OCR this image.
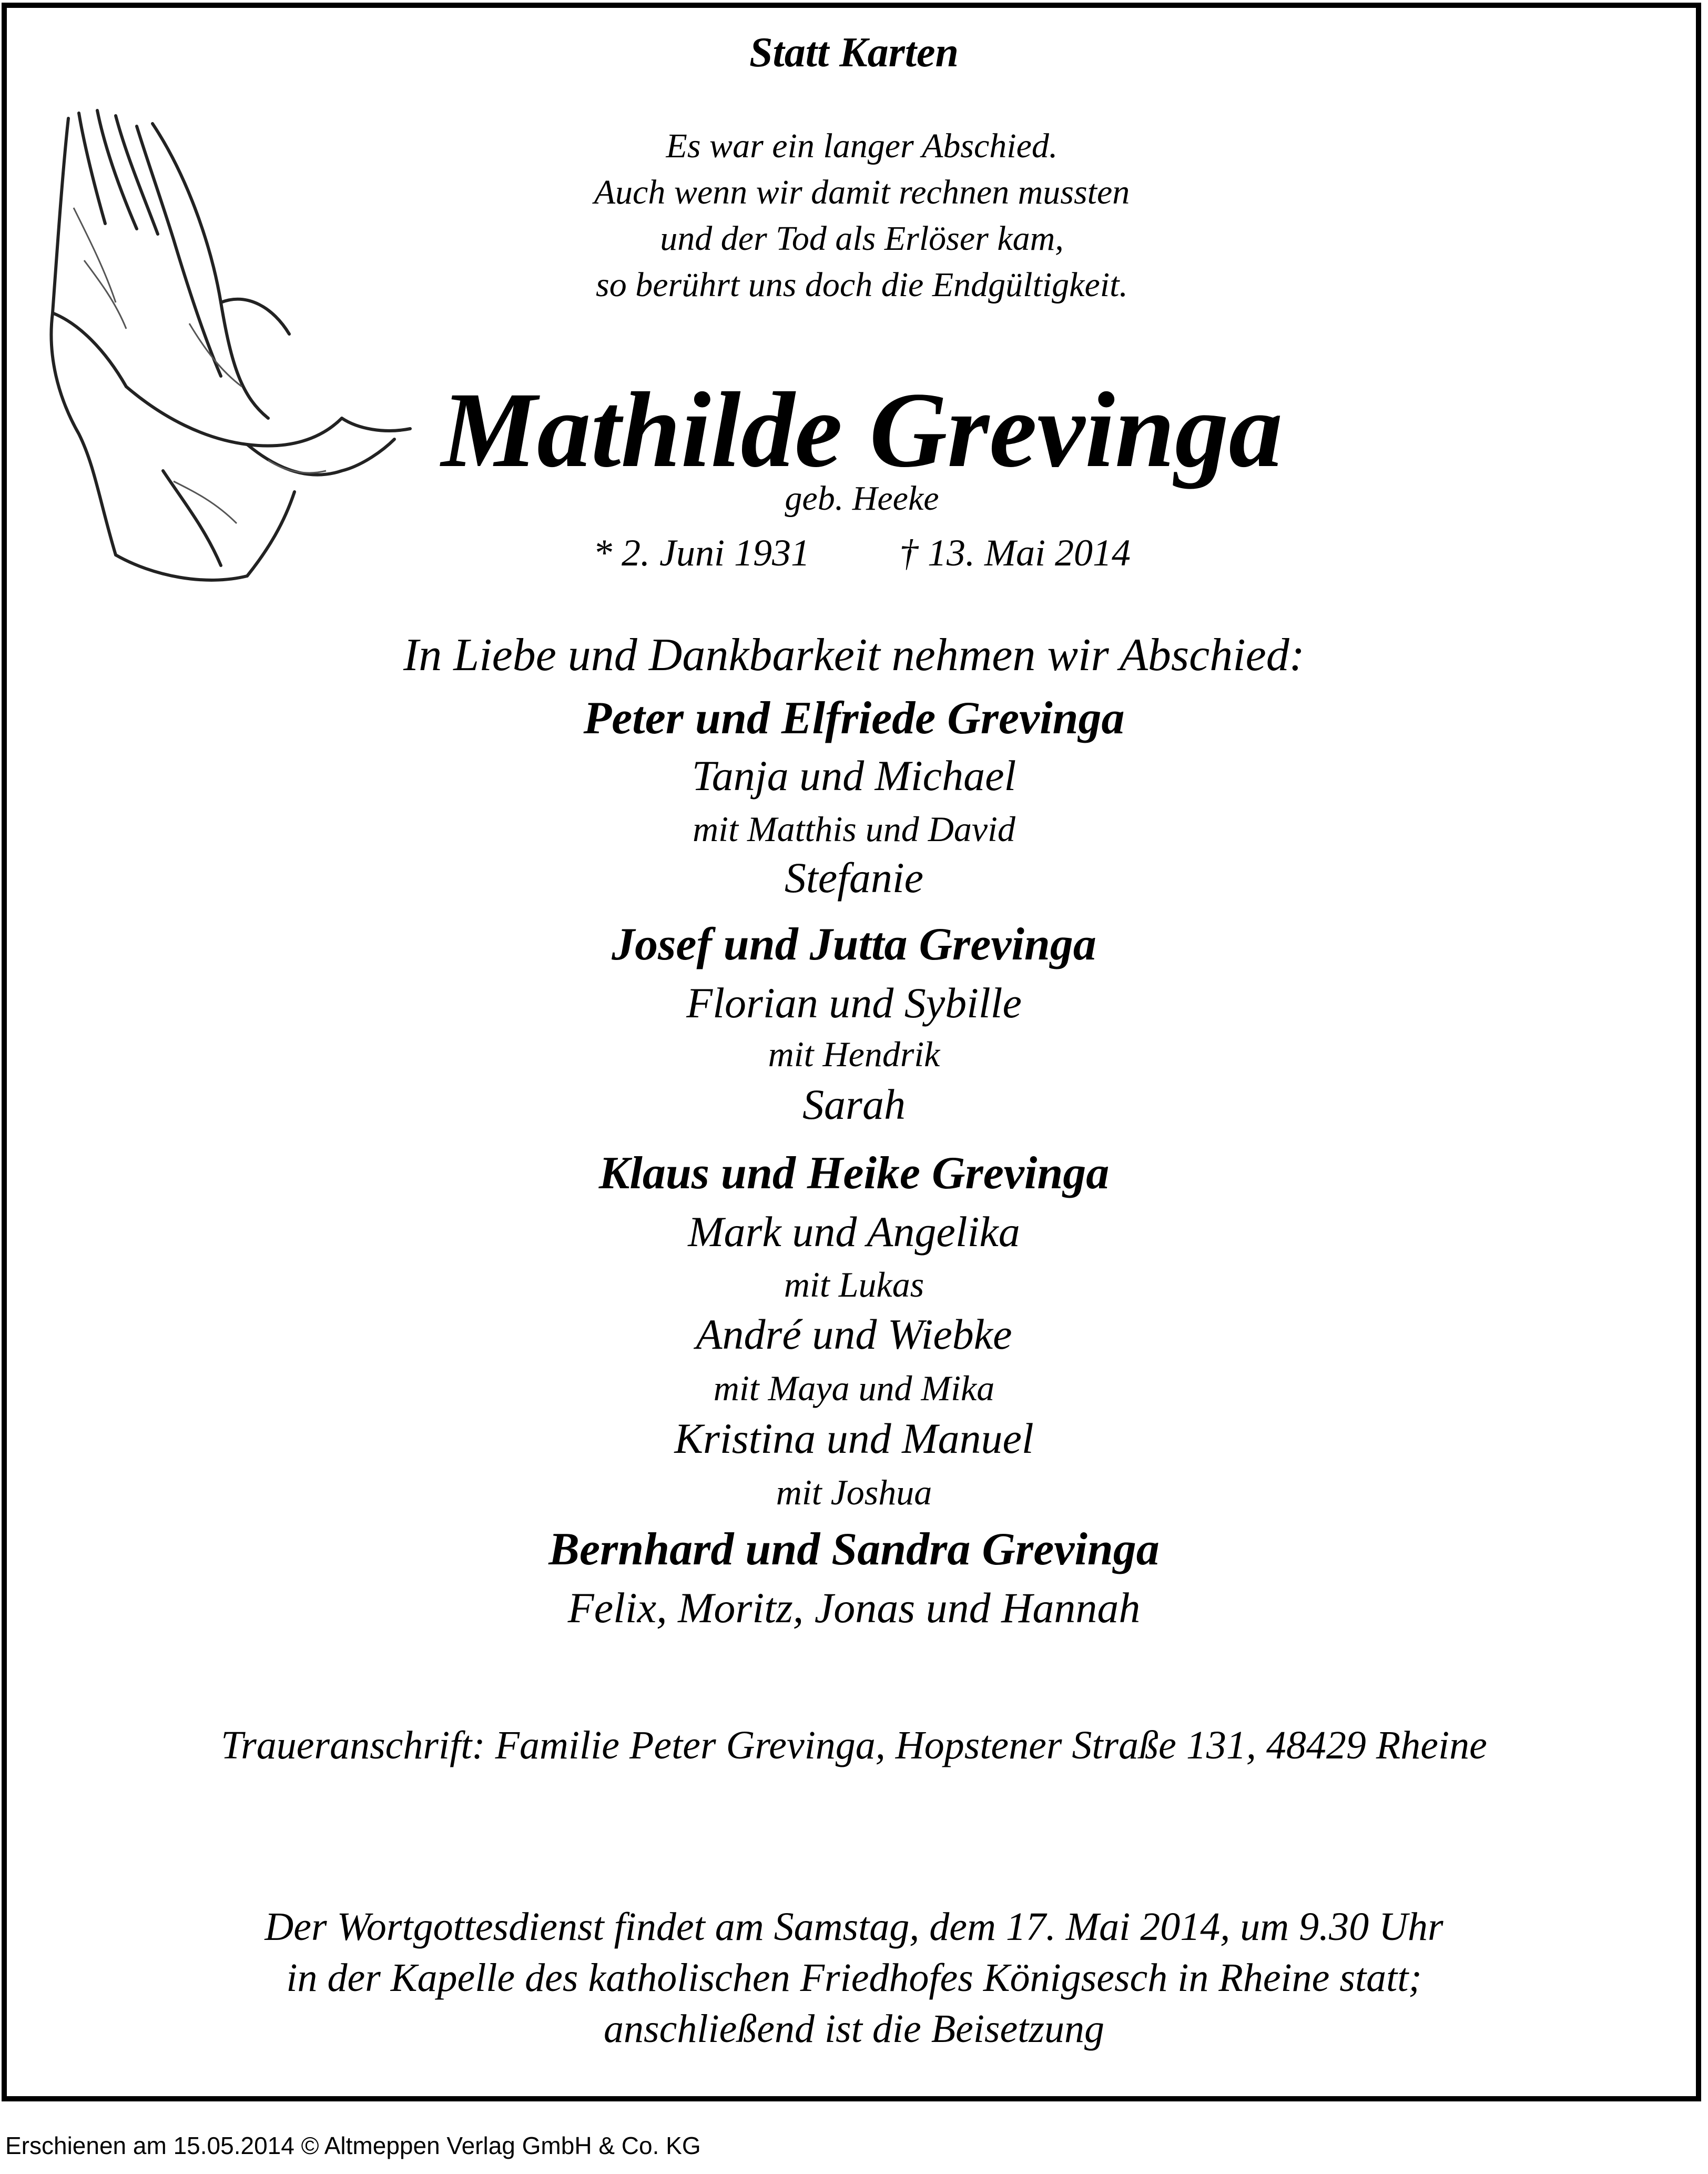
Statt Karten
Es war ein langer Abschied.
Auch wenn wir damit rechnen mussten
und der Tod als Erlöser kam,
so berührt uns doch die Endgültigkeit.
Mathilde Grevinga
geb. Heeke
* 2. Juni 1931 † 13. Mai 2014
In Liebe und Dankbarkeit nehmen wir Abschied:
Peter und Elfriede Grevinga
Tanja und Michael
mit Matthis und David
Stefanie
Josef und Jutta Grevinga
Florian und Sybille
mit Hendrik
Sarah
Klaus und Heike Grevinga
Mark und Angelika
mit Lukas
André und Wiebke
mit Maya und Mika
Kristina und Manuel
mit Joshua
Bernhard und Sandra Grevinga
Felix, Moritz, Jonas und Hannah
Traueranschrift: Familie Peter Grevinga, Hopstener Straße 131, 48429 Rheine
Der Wortgottesdienst findet am Samstag, dem 17. Mai 2014, um 9.30 Uhr
in der Kapelle des katholischen Friedhofes Königsesch in Rheine statt;
anschließend ist die Beisetzung
Erschienen am 15.05.2014 © Altmeppen Verlag GmbH & Co. KG
